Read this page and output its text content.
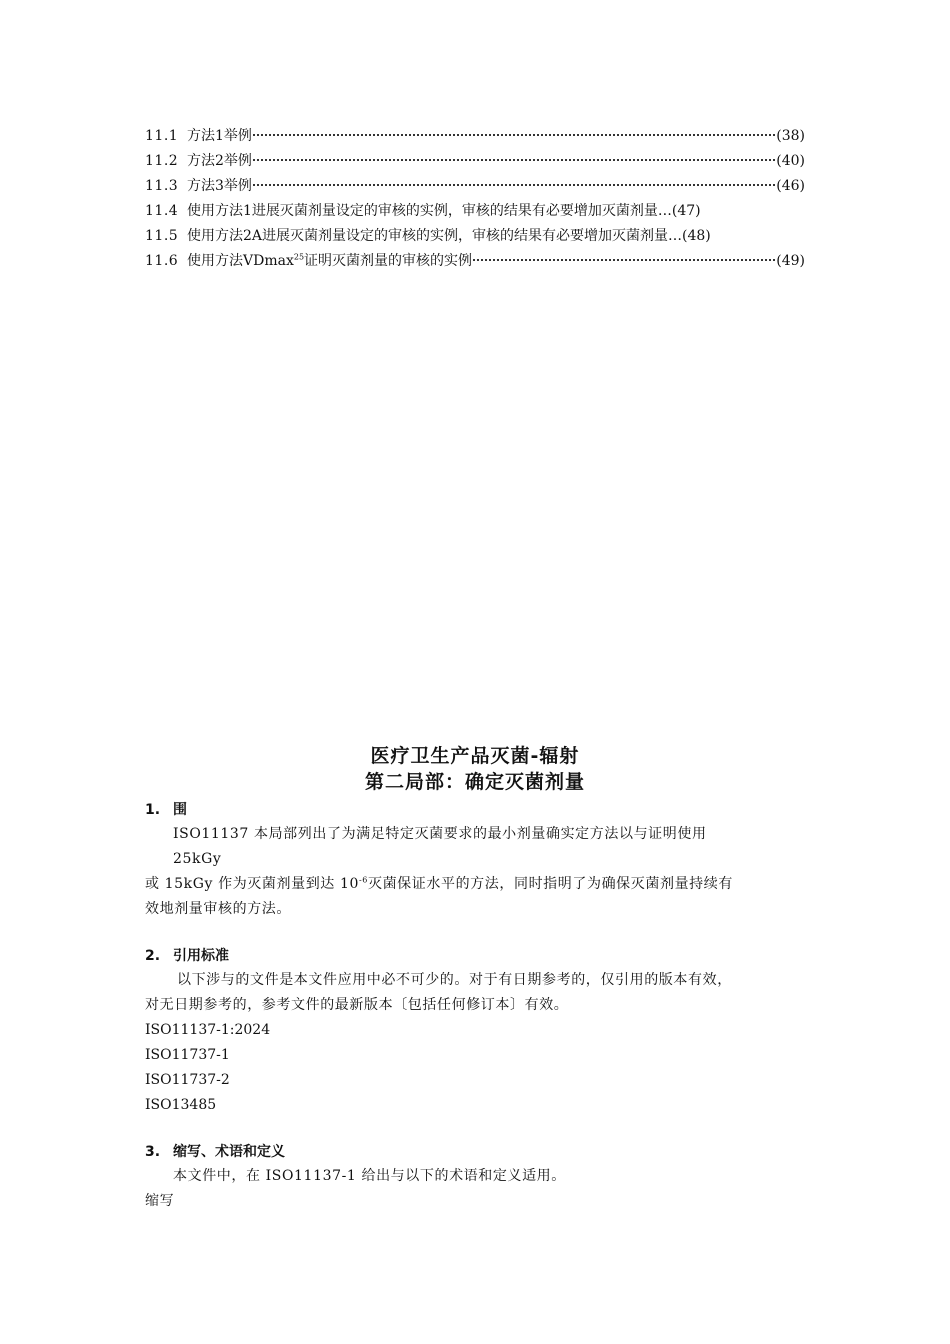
11.1 方法1举例	(38)
11.2 方法2举例	(40)
11.3 方法3举例	(46)
11.4 使用方法1进展灭菌剂量设定的审核的实例，审核的结果有必要增加灭菌剂量… (47)
11.5 使用方法2A进展灭菌剂量设定的审核的实例，审核的结果有必要增加灭菌剂量… (48)
11.6 使用方法VDmax$^{25}$证明灭菌剂量的审核的实例	(49)
医疗卫生产品灭菌-辐射
第二局部：确定灭菌剂量
1. 围
ISO11137 本局部列出了为满足特定灭菌要求的最小剂量确实定方法以与证明使用
25kGy
或 15kGy 作为灭菌剂量到达 $10^{-6}$灭菌保证水平的方法，同时指明了为确保灭菌剂量持续有
效地剂量审核的方法。
2. 引用标准
以下涉与的文件是本文件应用中必不可少的。对于有日期参考的，仅引用的版本有效，
对无日期参考的，参考文件的最新版本〔包括任何修订本〕有效。
ISO11137-1:2024
ISO11737-1
ISO11737-2
ISO13485
3. 缩写、术语和定义
本文件中，在 ISO11137-1 给出与以下的术语和定义适用。
缩写
